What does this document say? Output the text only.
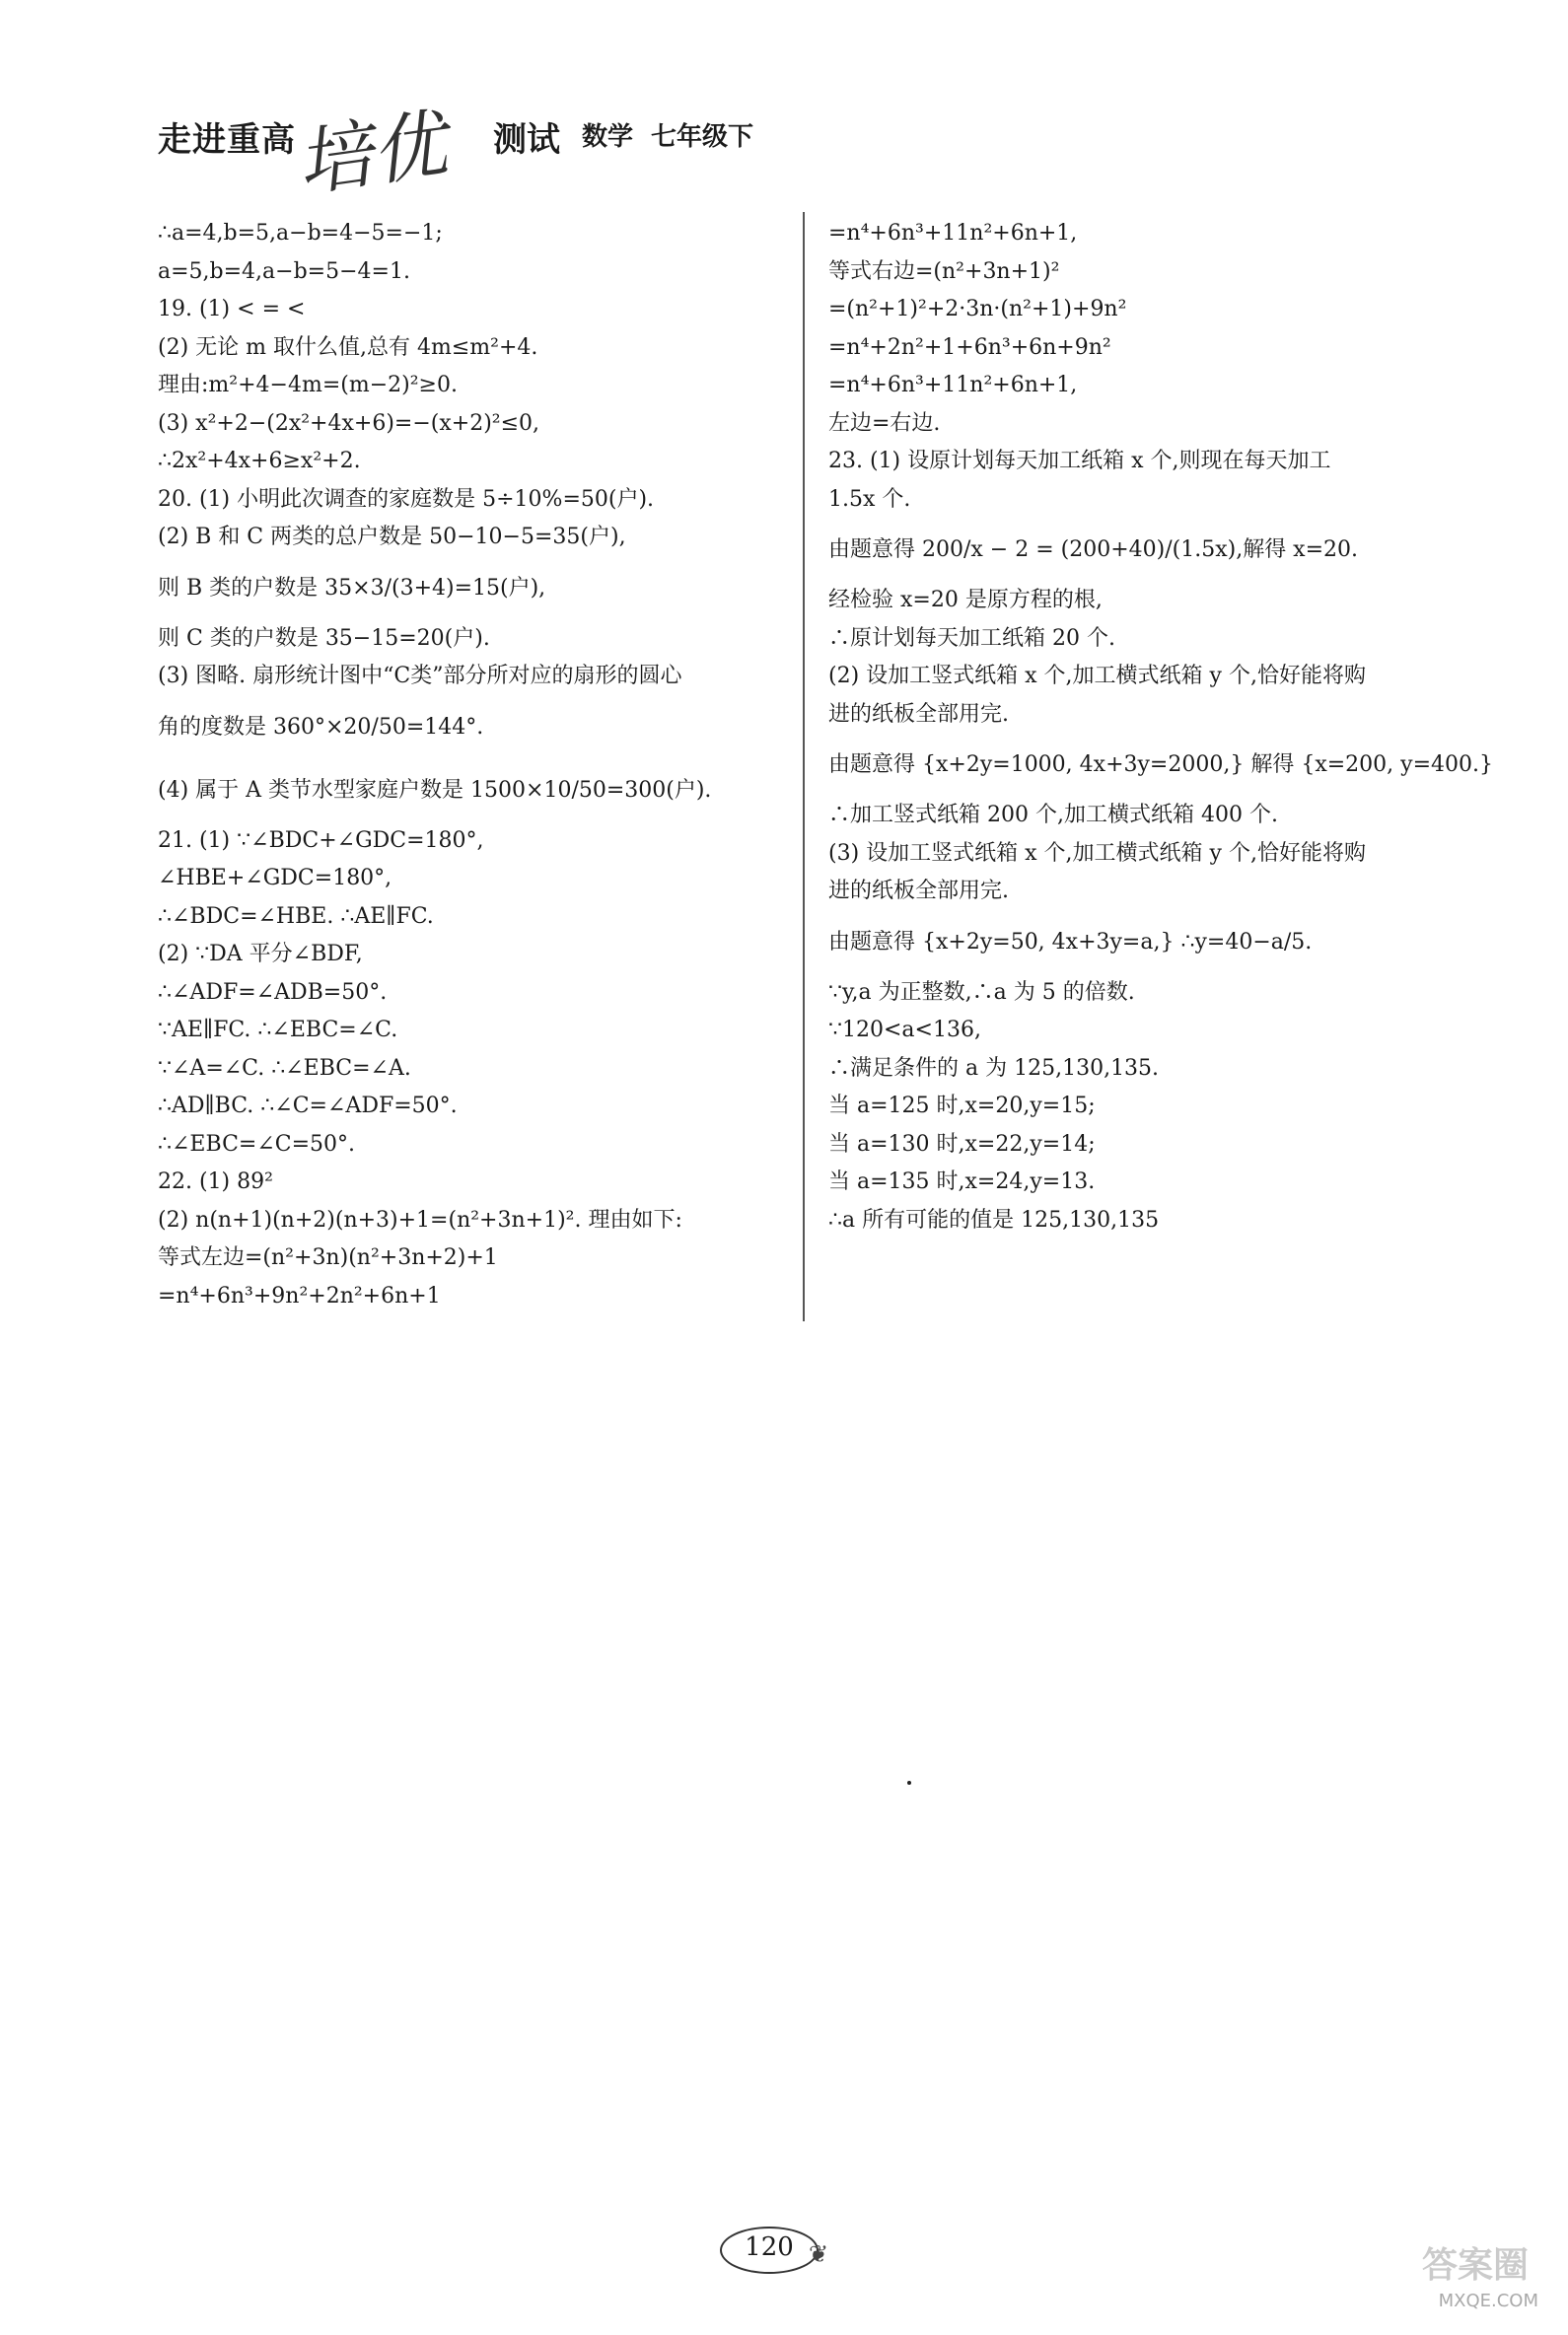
走进重高
培优 测试 数学 七年级下
∴a=4,b=5,a−b=4−5=−1;
a=5,b=4,a−b=5−4=1.
19. (1) < = <
(2) 无论 m 取什么值,总有 4m≤m²+4.
理由:m²+4−4m=(m−2)²≥0.
(3) x²+2−(2x²+4x+6)=−(x+2)²≤0,
∴2x²+4x+6≥x²+2.
20. (1) 小明此次调查的家庭数是 5÷10%=50(户).
(2) B 和 C 两类的总户数是 50−10−5=35(户),
则 B 类的户数是 35×3/(3+4)=15(户),
则 C 类的户数是 35−15=20(户).
(3) 图略. 扇形统计图中“C类”部分所对应的扇形的圆心
角的度数是 360°×20/50=144°.
(4) 属于 A 类节水型家庭户数是 1500×10/50=300(户).
21. (1) ∵∠BDC+∠GDC=180°,
∠HBE+∠GDC=180°,
∴∠BDC=∠HBE. ∴AE∥FC.
(2) ∵DA 平分∠BDF,
∴∠ADF=∠ADB=50°.
∵AE∥FC. ∴∠EBC=∠C.
∵∠A=∠C. ∴∠EBC=∠A.
∴AD∥BC. ∴∠C=∠ADF=50°.
∴∠EBC=∠C=50°.
22. (1) 89²
(2) n(n+1)(n+2)(n+3)+1=(n²+3n+1)². 理由如下:
等式左边=(n²+3n)(n²+3n+2)+1
=n⁴+6n³+9n²+2n²+6n+1
=n⁴+6n³+11n²+6n+1,
等式右边=(n²+3n+1)²
=(n²+1)²+2·3n·(n²+1)+9n²
=n⁴+2n²+1+6n³+6n+9n²
=n⁴+6n³+11n²+6n+1,
左边=右边.
23. (1) 设原计划每天加工纸箱 x 个,则现在每天加工
1.5x 个.
由题意得 200/x − 2 = (200+40)/(1.5x),解得 x=20.
经检验 x=20 是原方程的根,
∴原计划每天加工纸箱 20 个.
(2) 设加工竖式纸箱 x 个,加工横式纸箱 y 个,恰好能将购
进的纸板全部用完.
由题意得 {x+2y=1000, 4x+3y=2000,} 解得 {x=200, y=400.}
∴加工竖式纸箱 200 个,加工横式纸箱 400 个.
(3) 设加工竖式纸箱 x 个,加工横式纸箱 y 个,恰好能将购
进的纸板全部用完.
由题意得 {x+2y=50, 4x+3y=a,} ∴y=40−a/5.
∵y,a 为正整数,∴a 为 5 的倍数.
∵120<a<136,
∴满足条件的 a 为 125,130,135.
当 a=125 时,x=20,y=15;
当 a=130 时,x=22,y=14;
当 a=135 时,x=24,y=13.
∴a 所有可能的值是 125,130,135
120 ❦	答案圈
MXQE.COM
